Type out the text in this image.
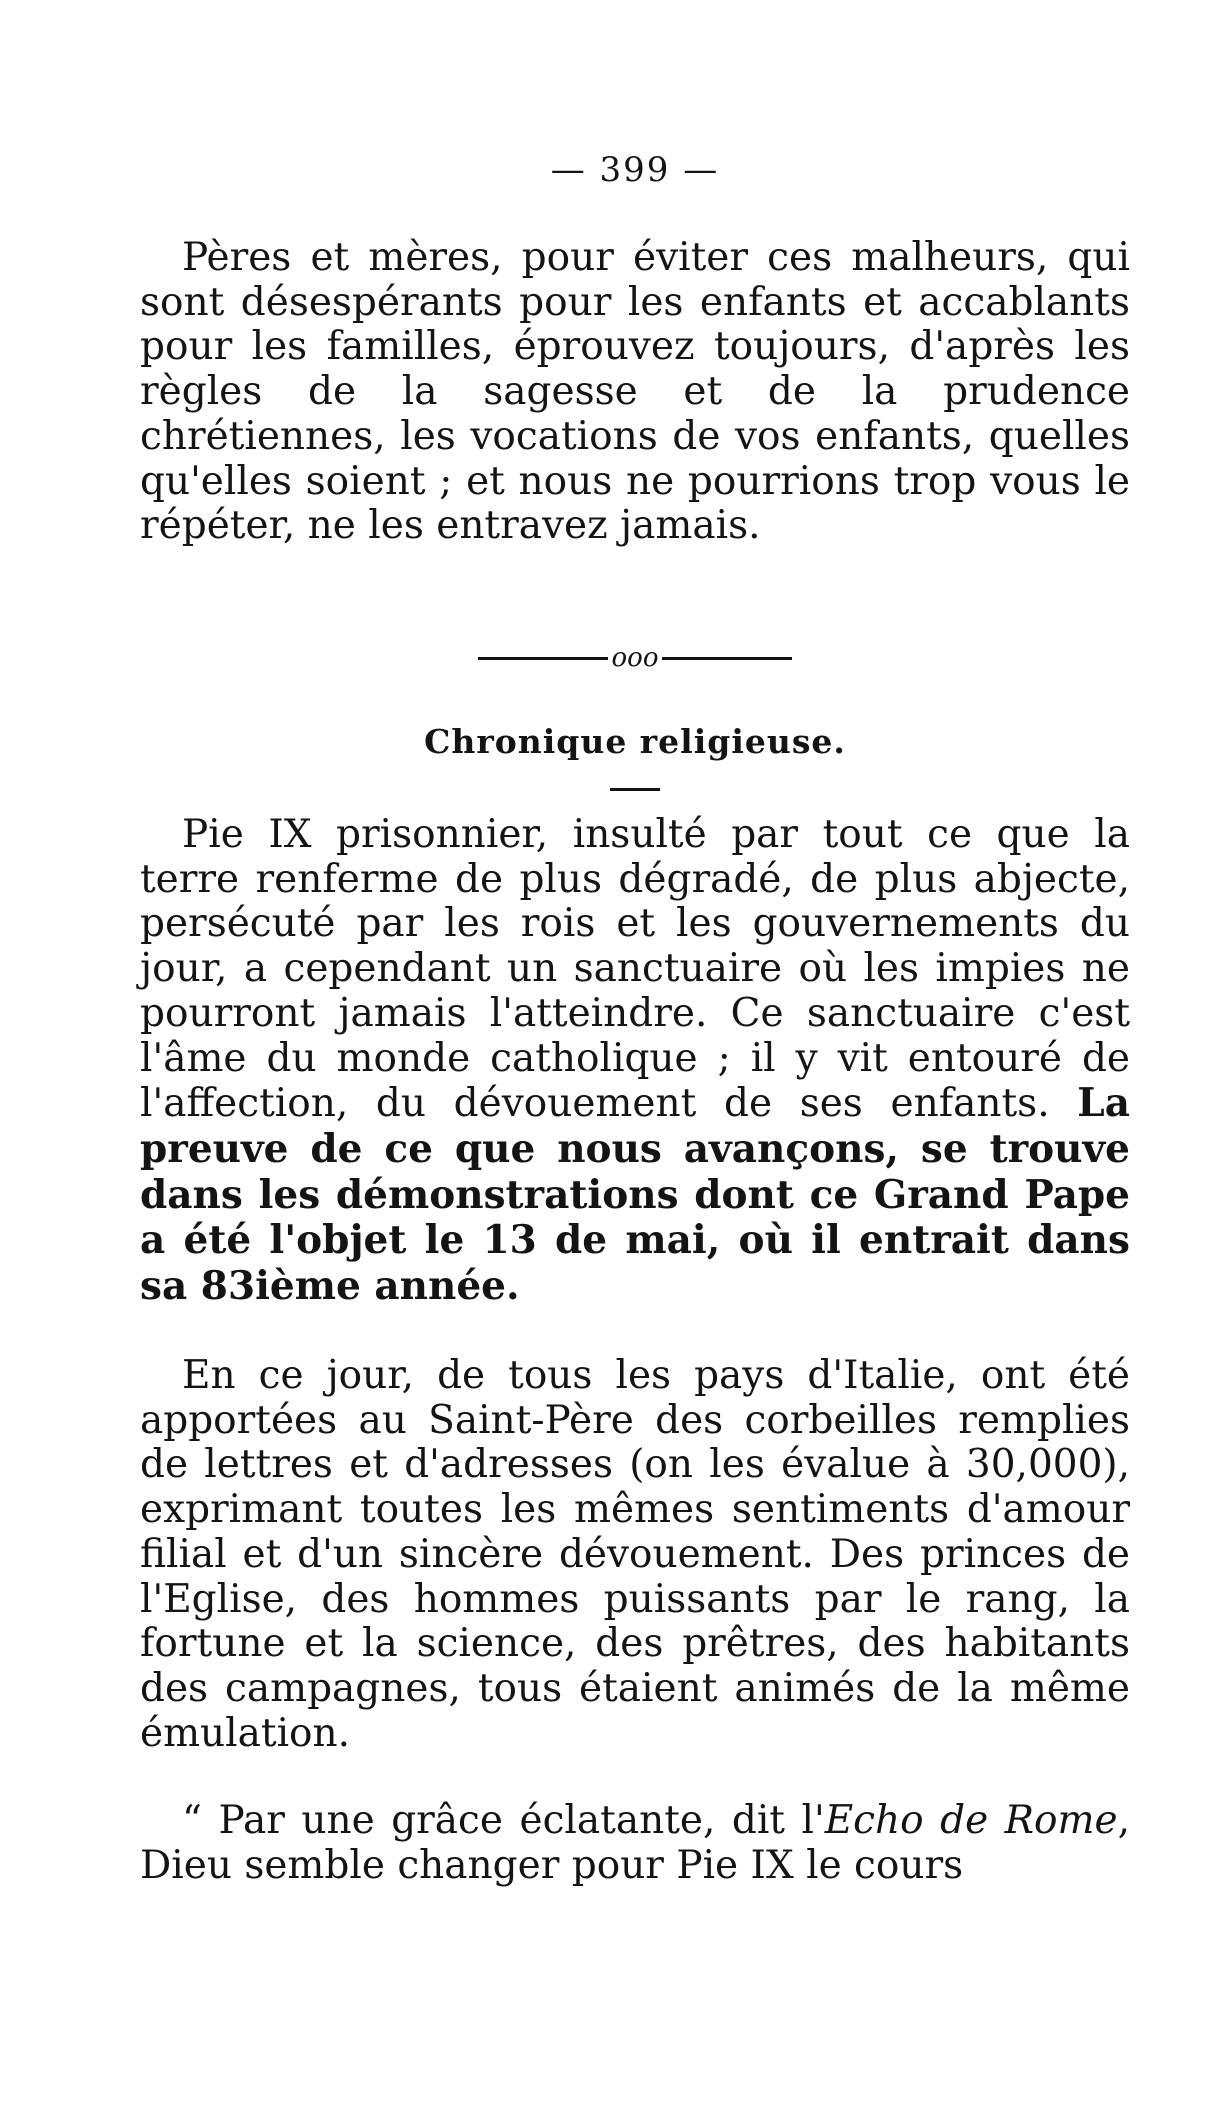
— 399 —

Pères et mères, pour éviter ces malheurs, qui sont désespérants pour les enfants et accablants pour les familles, éprouvez toujours, d'après les règles de la sagesse et de la prudence chrétiennes, les vocations de vos enfants, quelles qu'elles soient ; et nous ne pourrions trop vous le répéter, ne les entravez jamais.

ooo
Chronique religieuse.

Pie IX prisonnier, insulté par tout ce que la terre renferme de plus dégradé, de plus abjecte, persécuté par les rois et les gouvernements du jour, a cependant un sanctuaire où les impies ne pourront jamais l'atteindre. Ce sanctuaire c'est l'âme du monde catholique ; il y vit entouré de l'affection, du dévouement de ses enfants. La preuve de ce que nous avançons, se trouve dans les démonstrations dont ce Grand Pape a été l'objet le 13 de mai, où il entrait dans sa 83ième année.

En ce jour, de tous les pays d'Italie, ont été apportées au Saint-Père des corbeilles remplies de lettres et d'adresses (on les évalue à 30,000), exprimant toutes les mêmes sentiments d'amour filial et d'un sincère dévouement. Des princes de l'Eglise, des hommes puissants par le rang, la fortune et la science, des prêtres, des habitants des campagnes, tous étaient animés de la même émulation.

“ Par une grâce éclatante, dit l'Echo de Rome, Dieu semble changer pour Pie IX le cours
